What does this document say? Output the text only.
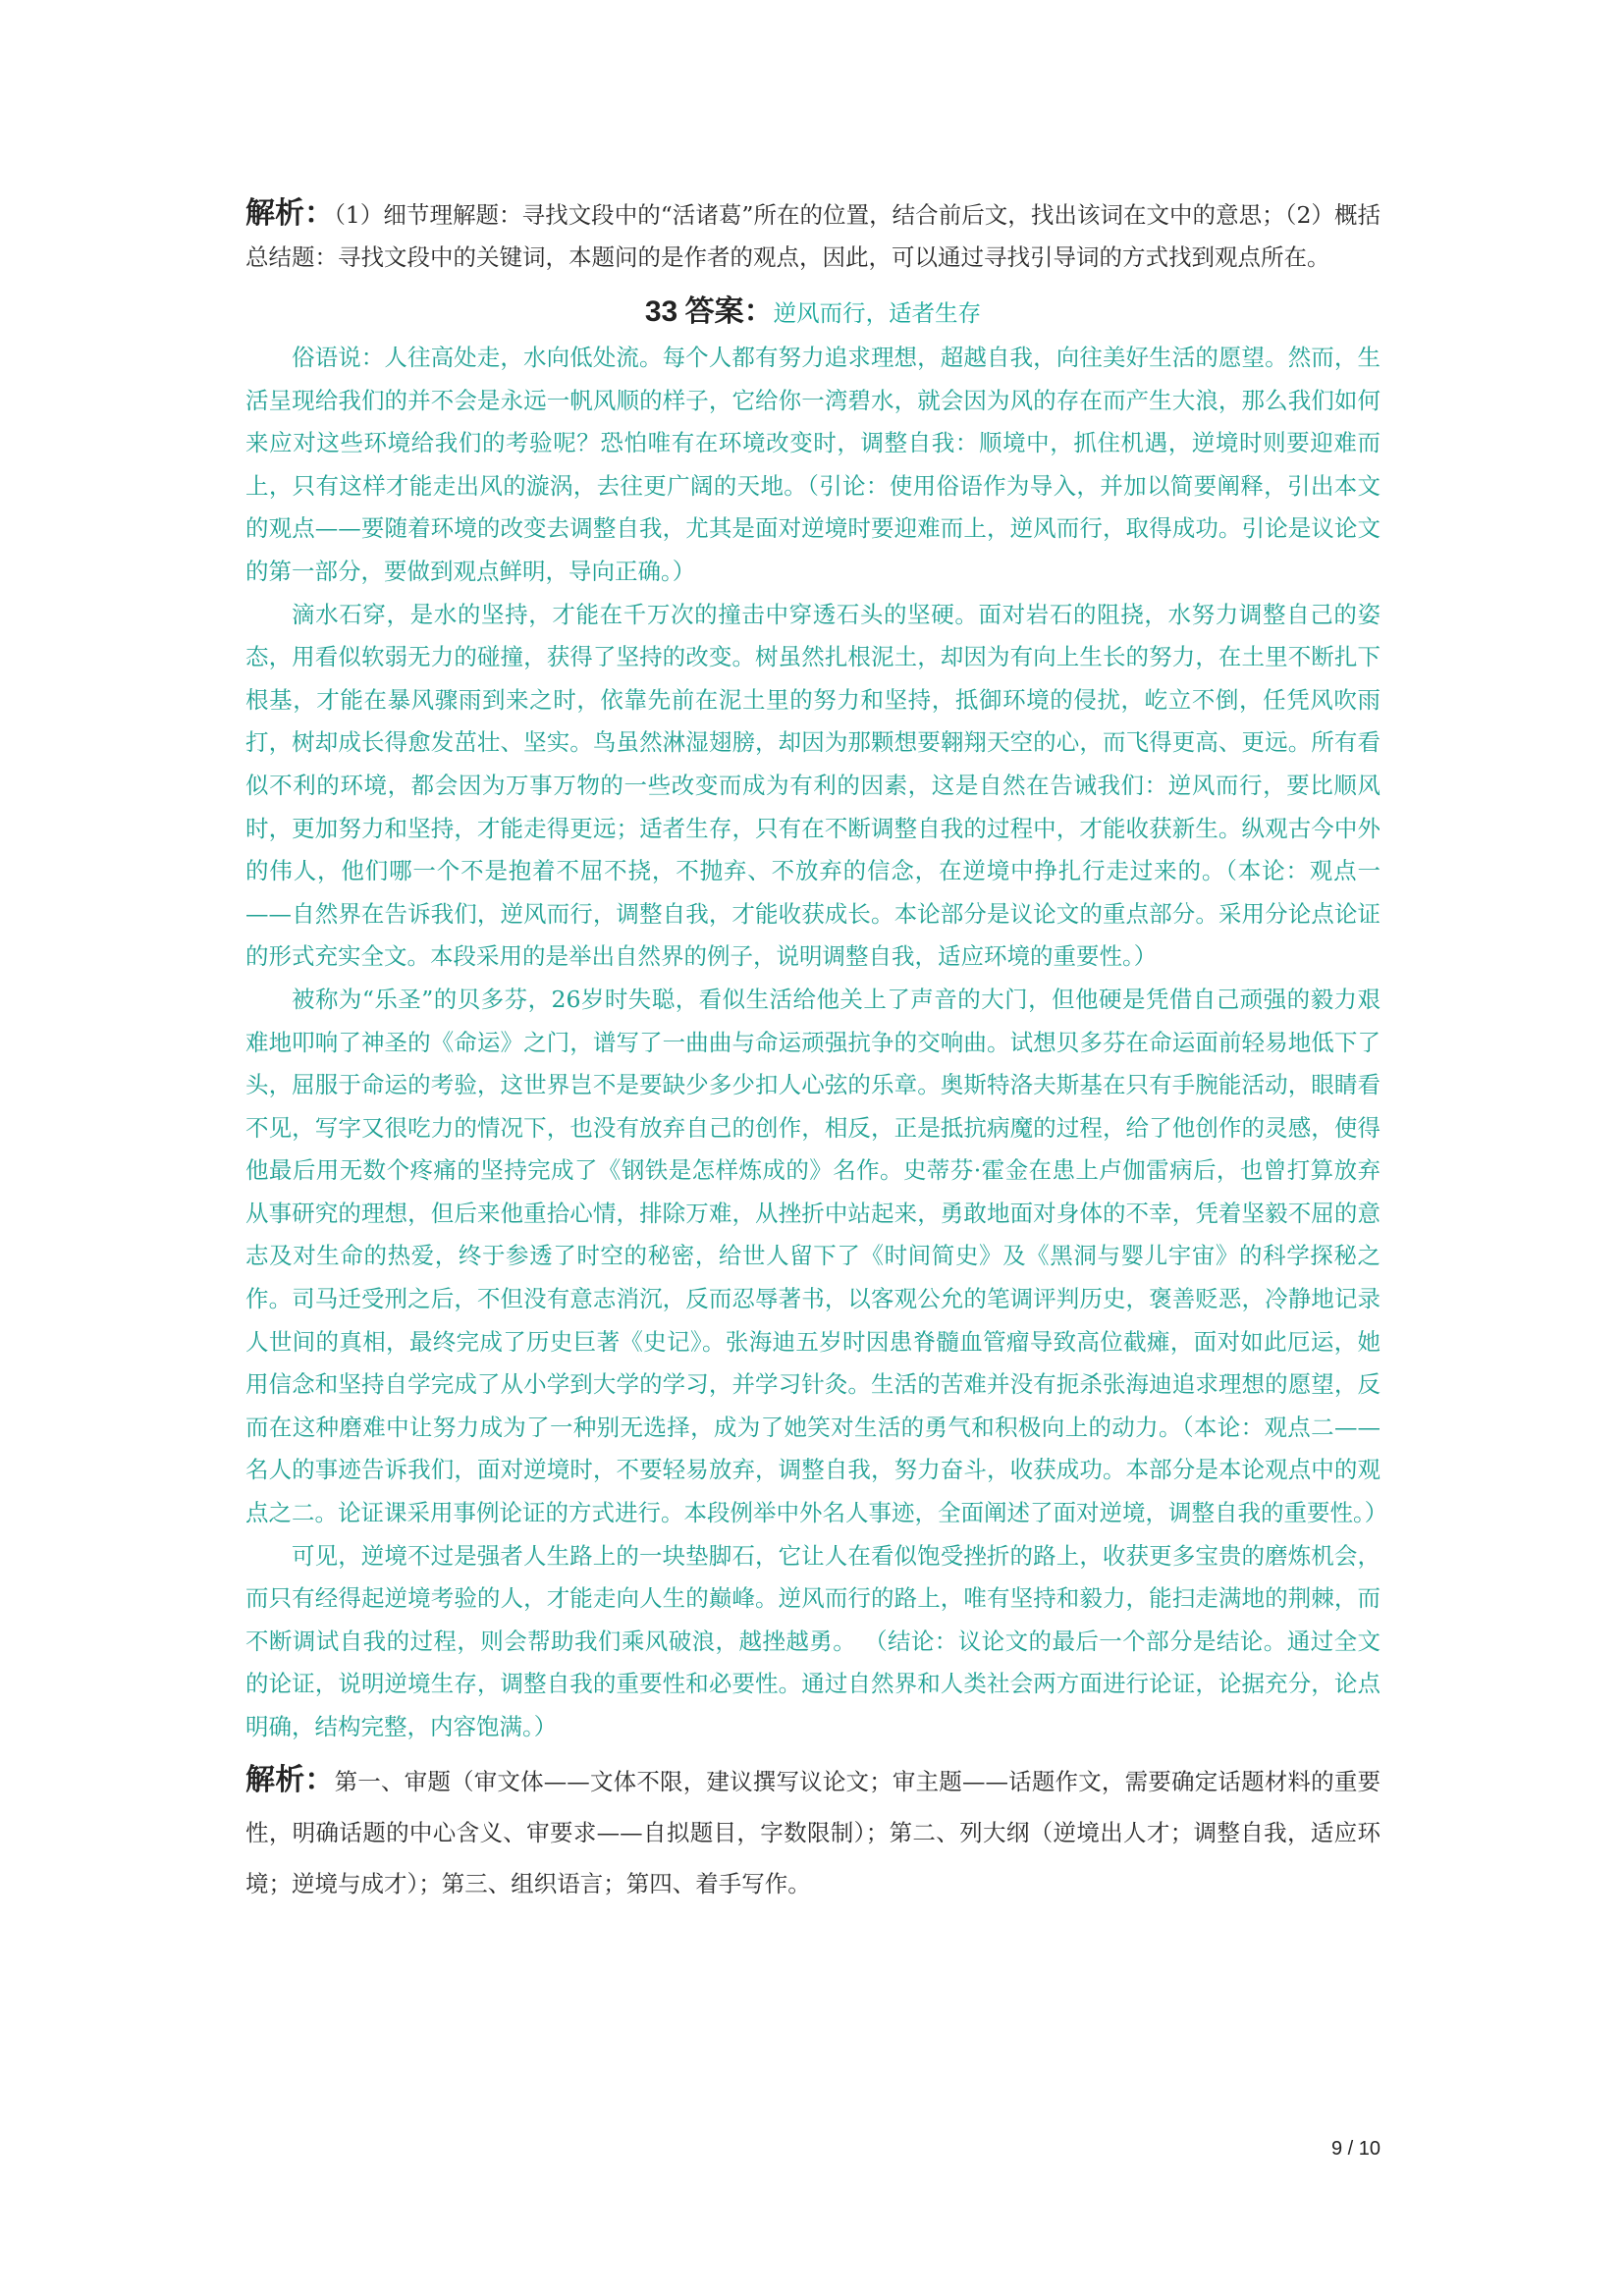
解析：（1）细节理解题：寻找文段中的“活诸葛”所在的位置，结合前后文，找出该词在文中的意思；（2）概括总结题：寻找文段中的关键词，本题问的是作者的观点，因此，可以通过寻找引导词的方式找到观点所在。

33 答案：逆风而行，适者生存

俗语说：人往高处走，水向低处流。每个人都有努力追求理想，超越自我，向往美好生活的愿望。然而，生活呈现给我们的并不会是永远一帆风顺的样子，它给你一湾碧水，就会因为风的存在而产生大浪，那么我们如何来应对这些环境给我们的考验呢？恐怕唯有在环境改变时，调整自我：顺境中，抓住机遇，逆境时则要迎难而上，只有这样才能走出风的漩涡，去往更广阔的天地。（引论：使用俗语作为导入，并加以简要阐释，引出本文的观点——要随着环境的改变去调整自我，尤其是面对逆境时要迎难而上，逆风而行，取得成功。引论是议论文的第一部分，要做到观点鲜明，导向正确。）

滴水石穿，是水的坚持，才能在千万次的撞击中穿透石头的坚硬。面对岩石的阻挠，水努力调整自己的姿态，用看似软弱无力的碰撞，获得了坚持的改变。树虽然扎根泥土，却因为有向上生长的努力，在土里不断扎下根基，才能在暴风骤雨到来之时，依靠先前在泥土里的努力和坚持，抵御环境的侵扰，屹立不倒，任凭风吹雨打，树却成长得愈发茁壮、坚实。鸟虽然淋湿翅膀，却因为那颗想要翱翔天空的心，而飞得更高、更远。所有看似不利的环境，都会因为万事万物的一些改变而成为有利的因素，这是自然在告诫我们：逆风而行，要比顺风时，更加努力和坚持，才能走得更远；适者生存，只有在不断调整自我的过程中，才能收获新生。纵观古今中外的伟人，他们哪一个不是抱着不屈不挠，不抛弃、不放弃的信念，在逆境中挣扎行走过来的。（本论：观点一——自然界在告诉我们，逆风而行，调整自我，才能收获成长。本论部分是议论文的重点部分。采用分论点论证的形式充实全文。本段采用的是举出自然界的例子，说明调整自我，适应环境的重要性。）

被称为“乐圣”的贝多芬，26岁时失聪，看似生活给他关上了声音的大门，但他硬是凭借自己顽强的毅力艰难地叩响了神圣的《命运》之门，谱写了一曲曲与命运顽强抗争的交响曲。试想贝多芬在命运面前轻易地低下了头，屈服于命运的考验，这世界岂不是要缺少多少扣人心弦的乐章。奥斯特洛夫斯基在只有手腕能活动，眼睛看不见，写字又很吃力的情况下，也没有放弃自己的创作，相反，正是抵抗病魔的过程，给了他创作的灵感，使得他最后用无数个疼痛的坚持完成了《钢铁是怎样炼成的》名作。史蒂芬·霍金在患上卢伽雷病后，也曾打算放弃从事研究的理想，但后来他重拾心情，排除万难，从挫折中站起来，勇敢地面对身体的不幸，凭着坚毅不屈的意志及对生命的热爱，终于参透了时空的秘密，给世人留下了《时间简史》及《黑洞与婴儿宇宙》的科学探秘之作。司马迁受刑之后，不但没有意志消沉，反而忍辱著书，以客观公允的笔调评判历史，褒善贬恶，冷静地记录人世间的真相，最终完成了历史巨著《史记》。张海迪五岁时因患脊髓血管瘤导致高位截瘫，面对如此厄运，她用信念和坚持自学完成了从小学到大学的学习，并学习针灸。生活的苦难并没有扼杀张海迪追求理想的愿望，反而在这种磨难中让努力成为了一种别无选择，成为了她笑对生活的勇气和积极向上的动力。（本论：观点二——名人的事迹告诉我们，面对逆境时，不要轻易放弃，调整自我，努力奋斗，收获成功。本部分是本论观点中的观点之二。论证课采用事例论证的方式进行。本段例举中外名人事迹，全面阐述了面对逆境，调整自我的重要性。）

可见，逆境不过是强者人生路上的一块垫脚石，它让人在看似饱受挫折的路上，收获更多宝贵的磨炼机会，而只有经得起逆境考验的人，才能走向人生的巅峰。逆风而行的路上，唯有坚持和毅力，能扫走满地的荆棘，而不断调试自我的过程，则会帮助我们乘风破浪，越挫越勇。 （结论：议论文的最后一个部分是结论。通过全文的论证，说明逆境生存，调整自我的重要性和必要性。通过自然界和人类社会两方面进行论证，论据充分，论点明确，结构完整，内容饱满。）

解析：第一、审题（审文体——文体不限，建议撰写议论文；审主题——话题作文，需要确定话题材料的重要性，明确话题的中心含义、审要求——自拟题目，字数限制）；第二、列大纲（逆境出人才；调整自我，适应环境；逆境与成才）；第三、组织语言；第四、着手写作。

9 / 10
